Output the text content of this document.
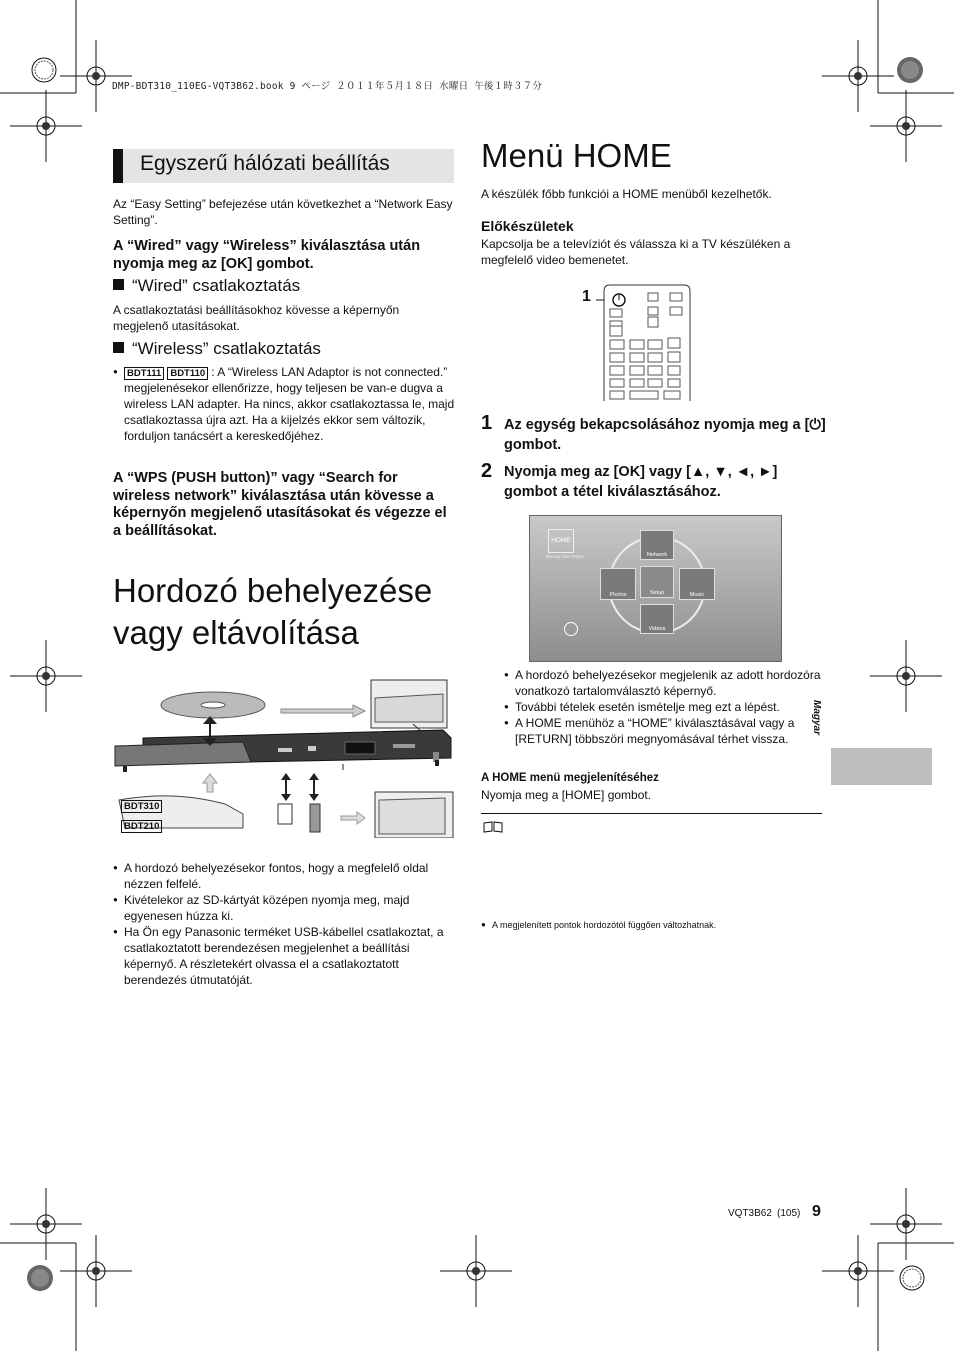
DMP-BDT310_110EG-VQT3B62.book 9 ページ ２０１１年５月１８日 水曜日 午後１時３７分
Egyszerű hálózati beállítás
Az “Easy Setting” befejezése után következhet a “Network Easy Setting”.
A “Wired” vagy “Wireless” kiválasztása után nyomja meg az [OK] gombot.
“Wired” csatlakoztatás
A csatlakoztatási beállításokhoz kövesse a képernyőn megjelenő utasításokat.
“Wireless” csatlakoztatás
● BDT111 BDT110 : A “Wireless LAN Adaptor is not connected.” megjelenésekor ellenőrizze, hogy teljesen be van-e dugva a wireless LAN adapter. Ha nincs, akkor csatlakoztassa le, majd csatlakoztassa újra azt. Ha a kijelzés ekkor sem változik, forduljon tanácsért a kereskedőjéhez.
A “WPS (PUSH button)” vagy “Search for wireless network” kiválasztása után kövesse a képernyőn megjelenő utasításokat és végezze el a beállításokat.
Hordozó behelyezése
vagy eltávolítása
BDT310
BDT210
● A hordozó behelyezésekor fontos, hogy a megfelelő oldal nézzen felfelé.
● Kivételekor az SD-kártyát középen nyomja meg, majd egyenesen húzza ki.
● Ha Ön egy Panasonic terméket USB-kábellel csatlakoztat, a csatlakoztatott berendezésen megjelenhet a beállítási képernyő. A részletekért olvassa el a csatlakoztatott berendezés útmutatóját.
Menü HOME
A készülék főbb funkciói a HOME menüből kezelhetők.
Előkészületek
Kapcsolja be a televíziót és válassza ki a TV készüléken a megfelelő video bemenetet.
1
1 Az egység bekapcsolásához nyomja meg a [⏻] gombot.
2 Nyomja meg az [OK] vagy [▲, ▼, ◄, ►] gombot a tétel kiválasztásához.
HOME
Blu-ray Disc Player	Network
Photos	Setup	Music
Videos
● A hordozó behelyezésekor megjelenik az adott hordozóra vonatkozó tartalomválasztó képernyő.
● További tételek esetén ismételje meg ezt a lépést.
● A HOME menühöz a “HOME” kiválasztásával vagy a [RETURN] többszöri megnyomásával térhet vissza.
A HOME menü megjelenítéséhez
Nyomja meg a [HOME] gombot.
● A megjelenített pontok hordozótól függően változhatnak.
Magyar
VQT3B62 (105) 9
